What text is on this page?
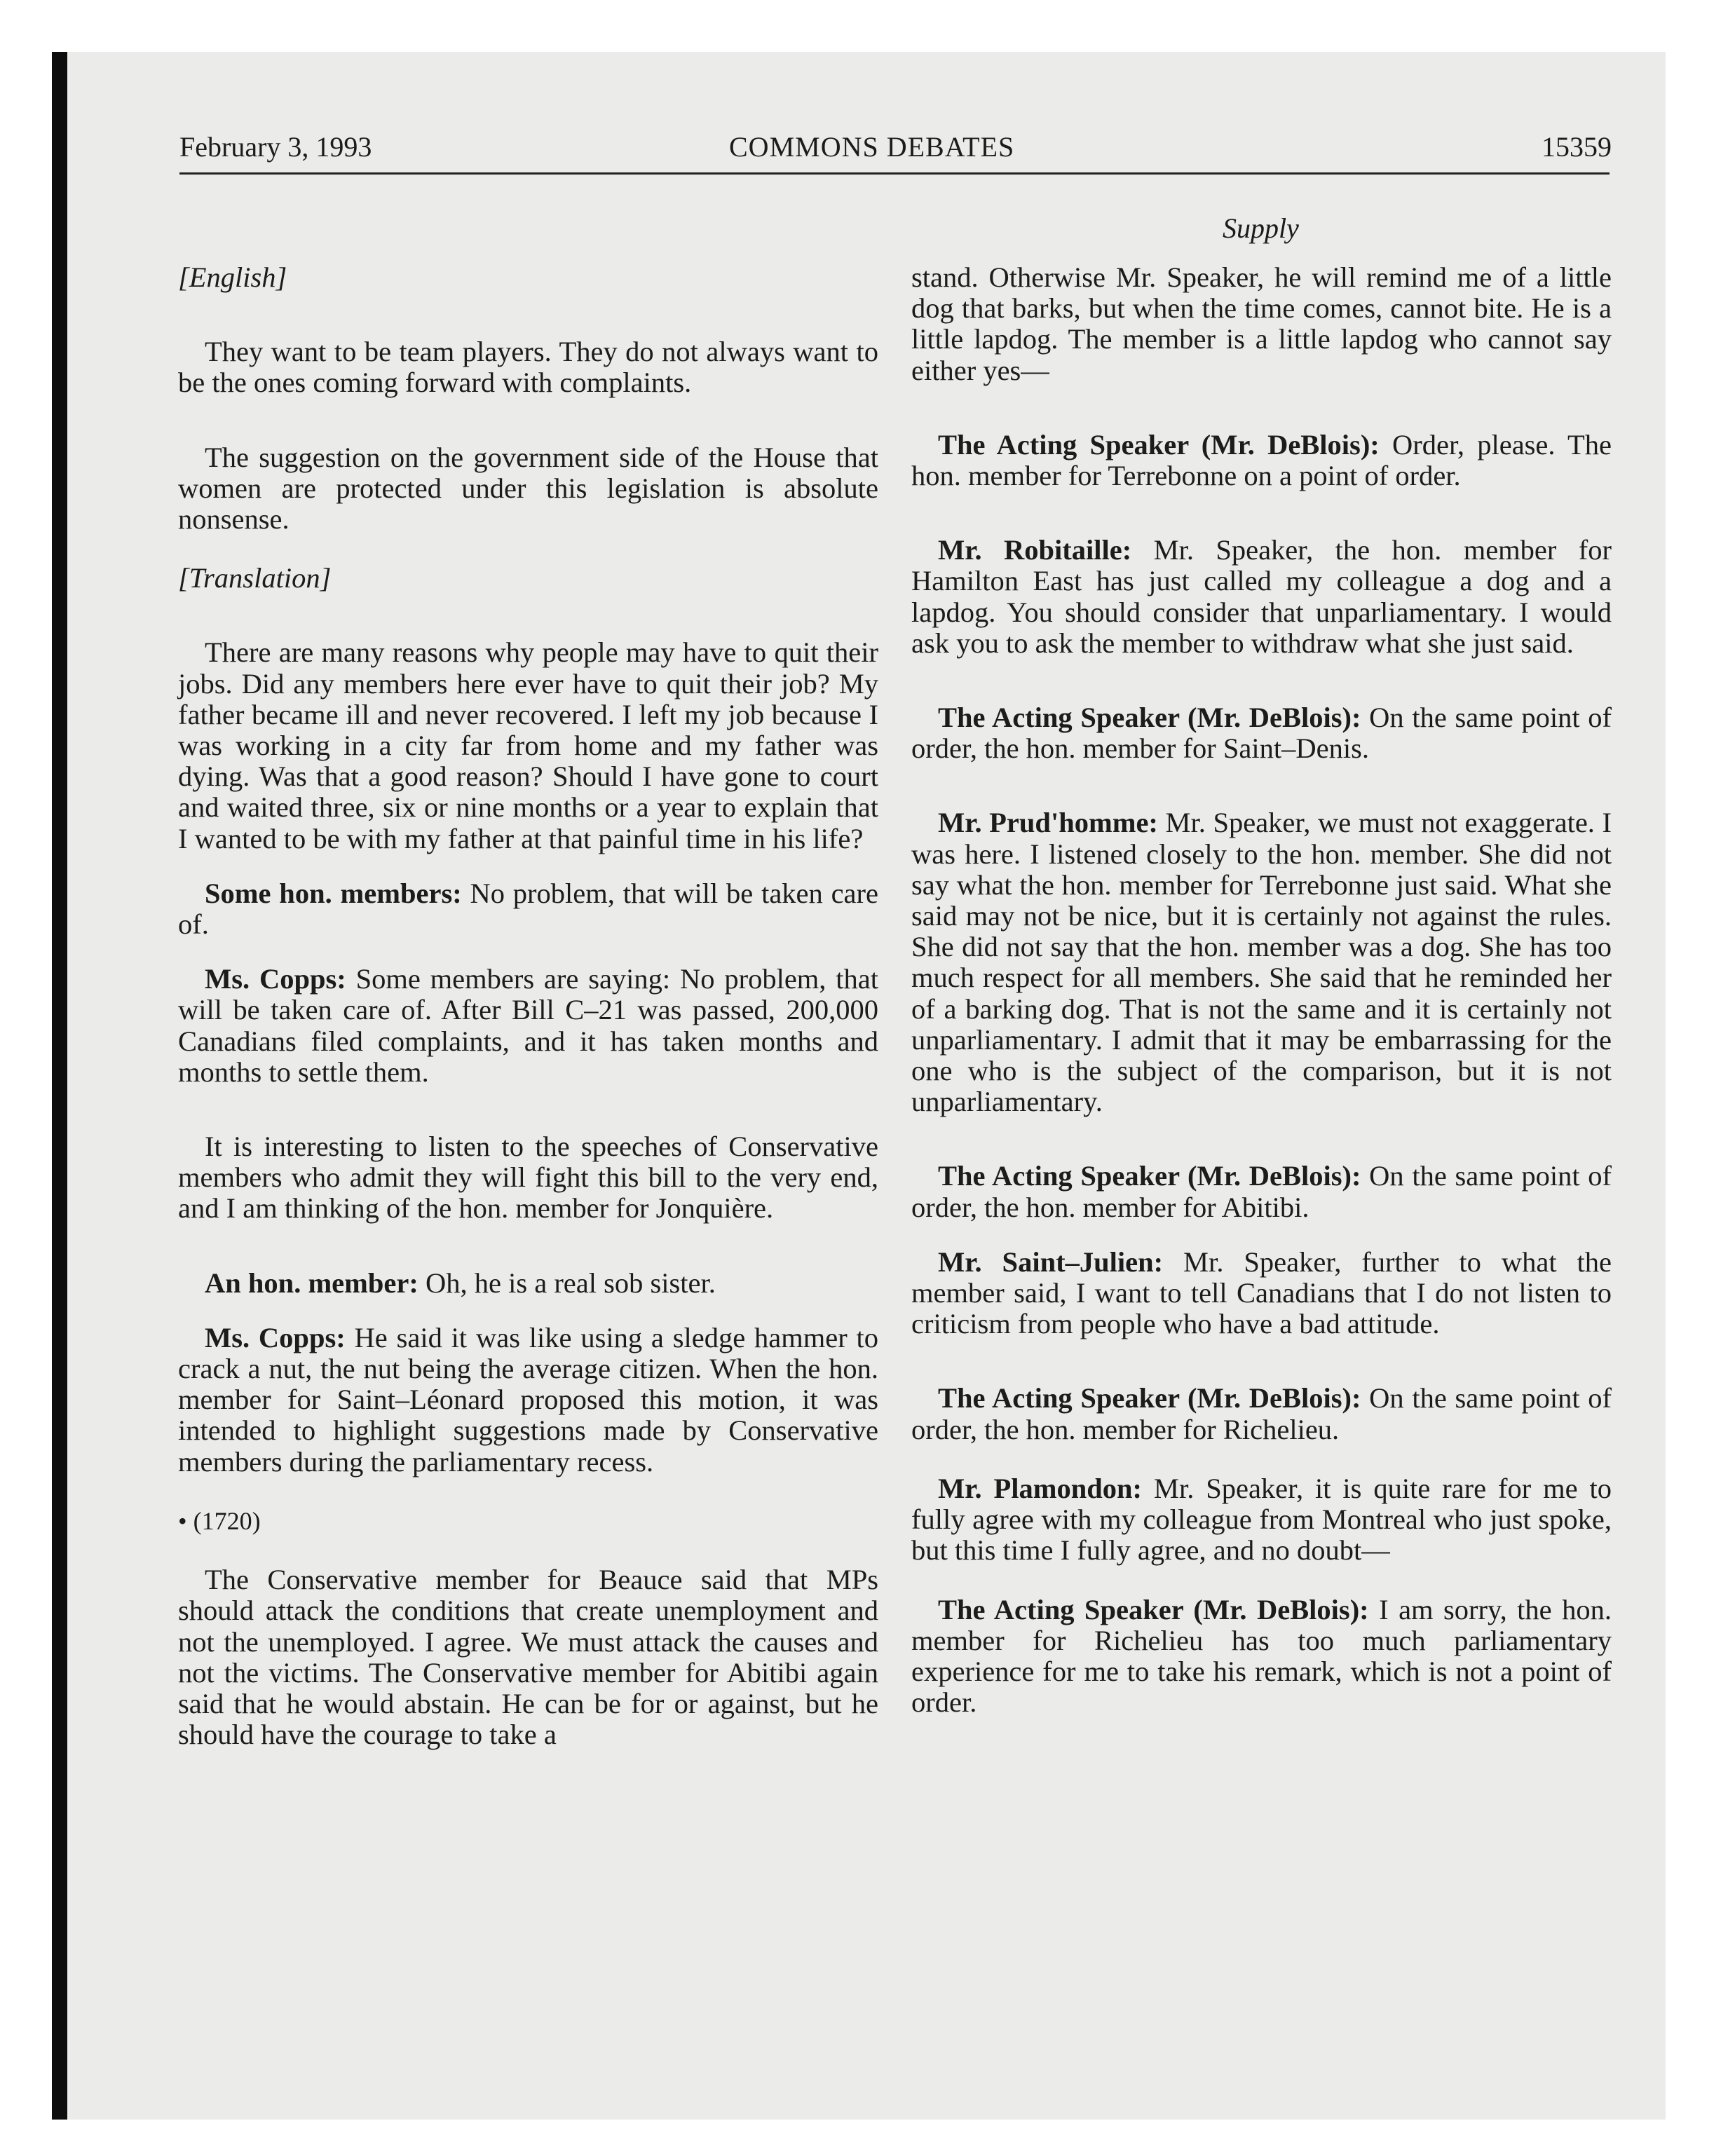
February 3, 1993	COMMONS DEBATES	15359
Supply

[English]

They want to be team players. They do not always want to be the ones coming forward with complaints.

The suggestion on the government side of the House that women are protected under this legislation is absolute nonsense.

[Translation]

There are many reasons why people may have to quit their jobs. Did any members here ever have to quit their job? My father became ill and never recovered. I left my job because I was working in a city far from home and my father was dying. Was that a good reason? Should I have gone to court and waited three, six or nine months or a year to explain that I wanted to be with my father at that painful time in his life?

Some hon. members: No problem, that will be taken care of.

Ms. Copps: Some members are saying: No problem, that will be taken care of. After Bill C–21 was passed, 200,000 Canadians filed complaints, and it has taken months and months to settle them.

It is interesting to listen to the speeches of Conservative members who admit they will fight this bill to the very end, and I am thinking of the hon. member for Jonquière.

An hon. member: Oh, he is a real sob sister.

Ms. Copps: He said it was like using a sledge hammer to crack a nut, the nut being the average citizen. When the hon. member for Saint–Léonard proposed this motion, it was intended to highlight suggestions made by Conservative members during the parliamentary recess.

• (1720)

The Conservative member for Beauce said that MPs should attack the conditions that create unemployment and not the unemployed. I agree. We must attack the causes and not the victims. The Conservative member for Abitibi again said that he would abstain. He can be for or against, but he should have the courage to take a

stand. Otherwise Mr. Speaker, he will remind me of a little dog that barks, but when the time comes, cannot bite. He is a little lapdog. The member is a little lapdog who cannot say either yes—

The Acting Speaker (Mr. DeBlois): Order, please. The hon. member for Terrebonne on a point of order.

Mr. Robitaille: Mr. Speaker, the hon. member for Hamilton East has just called my colleague a dog and a lapdog. You should consider that unparliamentary. I would ask you to ask the member to withdraw what she just said.

The Acting Speaker (Mr. DeBlois): On the same point of order, the hon. member for Saint–Denis.

Mr. Prud'homme: Mr. Speaker, we must not exaggerate. I was here. I listened closely to the hon. member. She did not say what the hon. member for Terrebonne just said. What she said may not be nice, but it is certainly not against the rules. She did not say that the hon. member was a dog. She has too much respect for all members. She said that he reminded her of a barking dog. That is not the same and it is certainly not unparliamentary. I admit that it may be embarrassing for the one who is the subject of the comparison, but it is not unparliamentary.

The Acting Speaker (Mr. DeBlois): On the same point of order, the hon. member for Abitibi.

Mr. Saint–Julien: Mr. Speaker, further to what the member said, I want to tell Canadians that I do not listen to criticism from people who have a bad attitude.

The Acting Speaker (Mr. DeBlois): On the same point of order, the hon. member for Richelieu.

Mr. Plamondon: Mr. Speaker, it is quite rare for me to fully agree with my colleague from Montreal who just spoke, but this time I fully agree, and no doubt—

The Acting Speaker (Mr. DeBlois): I am sorry, the hon. member for Richelieu has too much parliamentary experience for me to take his remark, which is not a point of order.
